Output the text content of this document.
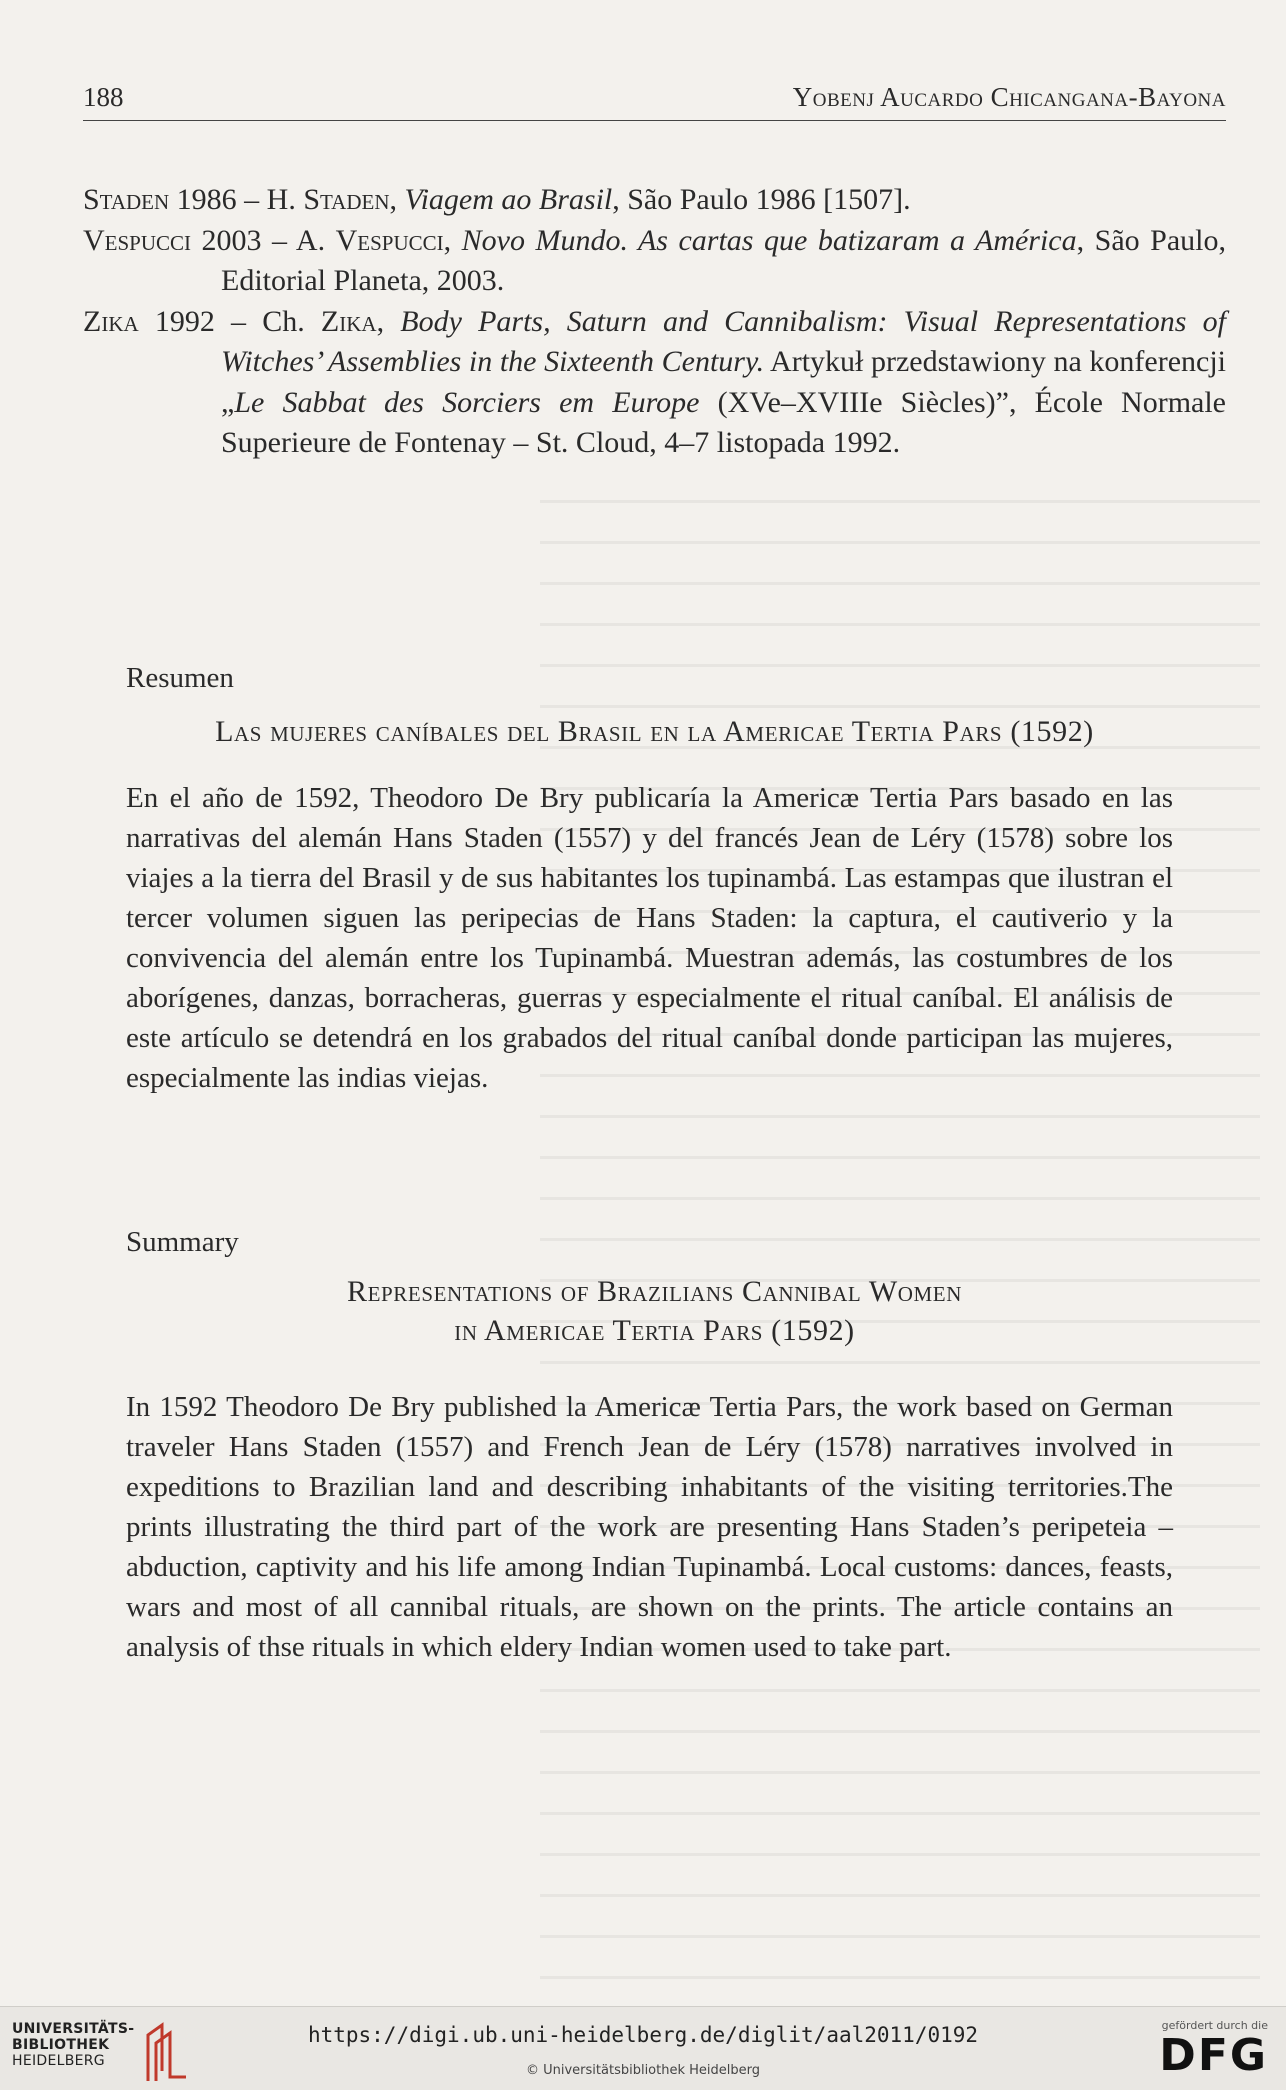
188	Yobenj Aucardo Chicangana-Bayona

Staden 1986 – H. Staden, Viagem ao Brasil, São Paulo 1986 [1507].

Vespucci 2003 – A. Vespucci, Novo Mundo. As cartas que batizaram a América, São Paulo, Editorial Planeta, 2003.

Zika 1992 – Ch. Zika, Body Parts, Saturn and Cannibalism: Visual Representations of Witches’ Assemblies in the Sixteenth Century. Artykuł przedstawiony na konferencji „Le Sabbat des Sorciers em Europe (XVe–XVIIIe Siècles)”, École Normale Superieure de Fontenay – St. Cloud, 4–7 listopada 1992.

Resumen
Las mujeres caníbales del Brasil en la Americae Tertia Pars (1592)

En el año de 1592, Theodoro De Bry publicaría la Americæ Tertia Pars basado en las narrativas del alemán Hans Staden (1557) y del francés Jean de Léry (1578) sobre los viajes a la tierra del Brasil y de sus habitantes los tupinambá. Las estampas que ilustran el tercer volumen siguen las peripecias de Hans Staden: la captura, el cautiverio y la convivencia del alemán entre los Tupinambá. Muestran además, las costumbres de los aborígenes, danzas, borracheras, guerras y especialmente el ritual caníbal. El análisis de este artículo se detendrá en los grabados del ritual caníbal donde participan las mujeres, especialmente las indias viejas.

Summary
Representations of Brazilians Cannibal Women
in Americae Tertia Pars (1592)

In 1592 Theodoro De Bry published la Americæ Tertia Pars, the work based on German traveler Hans Staden (1557) and French Jean de Léry (1578) narratives involved in expeditions to Brazilian land and describing inhabitants of the visiting territories.The prints illustrating the third part of the work are presenting Hans Staden’s peripeteia – abduction, captivity and his life among Indian Tupinambá. Local customs: dances, feasts, wars and most of all cannibal rituals, are shown on the prints. The article contains an analysis of thse rituals in which eldery Indian women used to take part.

UNIVERSITÄTS-
BIBLIOTHEK
HEIDELBERG
https://digi.ub.uni-heidelberg.de/diglit/aal2011/0192
© Universitätsbibliothek Heidelberg
gefördert durch die
DFG
